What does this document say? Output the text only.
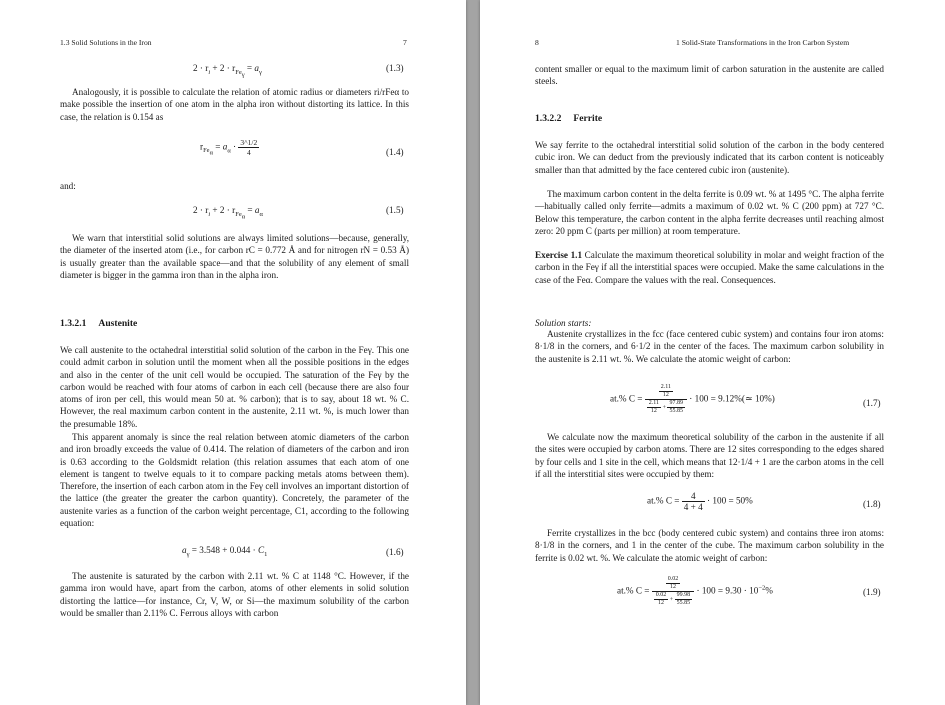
1.3 Solid Solutions in the Iron	7
$2 \cdot r_i + 2 \cdot r_{Fe_\gamma} = a_\gamma$	(1.3)

Analogously, it is possible to calculate the relation of atomic radius or diameters ri/rFeα to make possible the insertion of one atom in the alpha iron without distorting its lattice. In this case, the relation is 0.154 as

$r_{Fe_\alpha} = a_\alpha \cdot \frac{3\^{}1/2}{4}$	(1.4)
and:
$2 \cdot r_i + 2 \cdot r_{Fe_\alpha} = a_\alpha$	(1.5)

We warn that interstitial solid solutions are always limited solutions—because, generally, the diameter of the inserted atom (i.e., for carbon rC = 0.772 Å and for nitrogen rN = 0.53 Å) is usually greater than the available space—and that the solubility of any element of small diameter is bigger in the gamma iron than in the alpha iron.

1.3.2.1 Austenite

We call austenite to the octahedral interstitial solid solution of the carbon in the Feγ. This one could admit carbon in solution until the moment when all the possible positions in the edges and also in the center of the unit cell would be occupied. The saturation of the Feγ by the carbon would be reached with four atoms of carbon in each cell (because there are also four atoms of iron per cell, this would mean 50 at. % carbon); that is to say, about 18 wt. % C. However, the real maximum carbon content in the austenite, 2.11 wt. %, is much lower than the presumable 18%.

This apparent anomaly is since the real relation between atomic diameters of the carbon and iron broadly exceeds the value of 0.414. The relation of diameters of the carbon and iron is 0.63 according to the Goldsmidt relation (this relation assumes that each atom of one element is tangent to twelve equals to it to compare packing metals atoms between them). Therefore, the insertion of each carbon atom in the Feγ cell involves an important distortion of the lattice (the greater the greater the carbon quantity). Concretely, the parameter of the austenite varies as a function of the carbon weight percentage, C1, according to the following equation:

$a_\gamma = 3.548 + 0.044 \cdot C_1$	(1.6)

The austenite is saturated by the carbon with 2.11 wt. % C at 1148 °C. However, if the gamma iron would have, apart from the carbon, atoms of other elements in solid solution distorting the lattice—for instance, Cr, V, W, or Si—the maximum solubility of the carbon would be smaller than 2.11% C. Ferrous alloys with carbon

8	1 Solid-State Transformations in the Iron Carbon System

content smaller or equal to the maximum limit of carbon saturation in the austenite are called steels.

1.3.2.2 Ferrite

We say ferrite to the octahedral interstitial solid solution of the carbon in the body centered cubic iron. We can deduct from the previously indicated that its carbon content is noticeably smaller than that admitted by the face centered cubic iron (austenite).

The maximum carbon content in the delta ferrite is 0.09 wt. % at 1495 °C. The alpha ferrite—habitually called only ferrite—admits a maximum of 0.02 wt. % C (200 ppm) at 727 °C. Below this temperature, the carbon content in the alpha ferrite decreases until reaching almost zero: 20 ppm C (parts per million) at room temperature.

Exercise 1.1 Calculate the maximum theoretical solubility in molar and weight fraction of the carbon in the Feγ if all the interstitial spaces were occupied. Make the same calculations in the case of the Feα. Compare the values with the real. Consequences.

Solution starts:

Austenite crystallizes in the fcc (face centered cubic system) and contains four iron atoms: 8·1/8 in the corners, and 6·1/2 in the center of the faces. The maximum carbon solubility in the austenite is 2.11 wt. %. We calculate the atomic weight of carbon:

at.% $C = \frac{\frac{2.11}{12}}{\frac{2.11}{12} + \frac{97.89}{55.85}} \cdot 100$ = 9.12%(≃ 10%)	(1.7)

We calculate now the maximum theoretical solubility of the carbon in the austenite if all the sites were occupied by carbon atoms. There are 12 sites corresponding to the edges shared by four cells and 1 site in the cell, which means that 12·1/4 + 1 are the carbon atoms in the cell if all the interstitial sites were occupied by them:

at.% $C = \frac{4}{4 + 4} \cdot 100 = 50\%$	(1.8)

Ferrite crystallizes in the bcc (body centered cubic system) and contains three iron atoms: 8·1/8 in the corners, and 1 in the center of the cube. The maximum carbon solubility in the ferrite is 0.02 wt. %. We calculate the atomic weight of carbon:

at.% $C = \frac{\frac{0.02}{12}}{\frac{0.02}{12} + \frac{99.98}{55.85}} \cdot 100 = 9.30 \cdot 10^{-2}\%$	(1.9)
